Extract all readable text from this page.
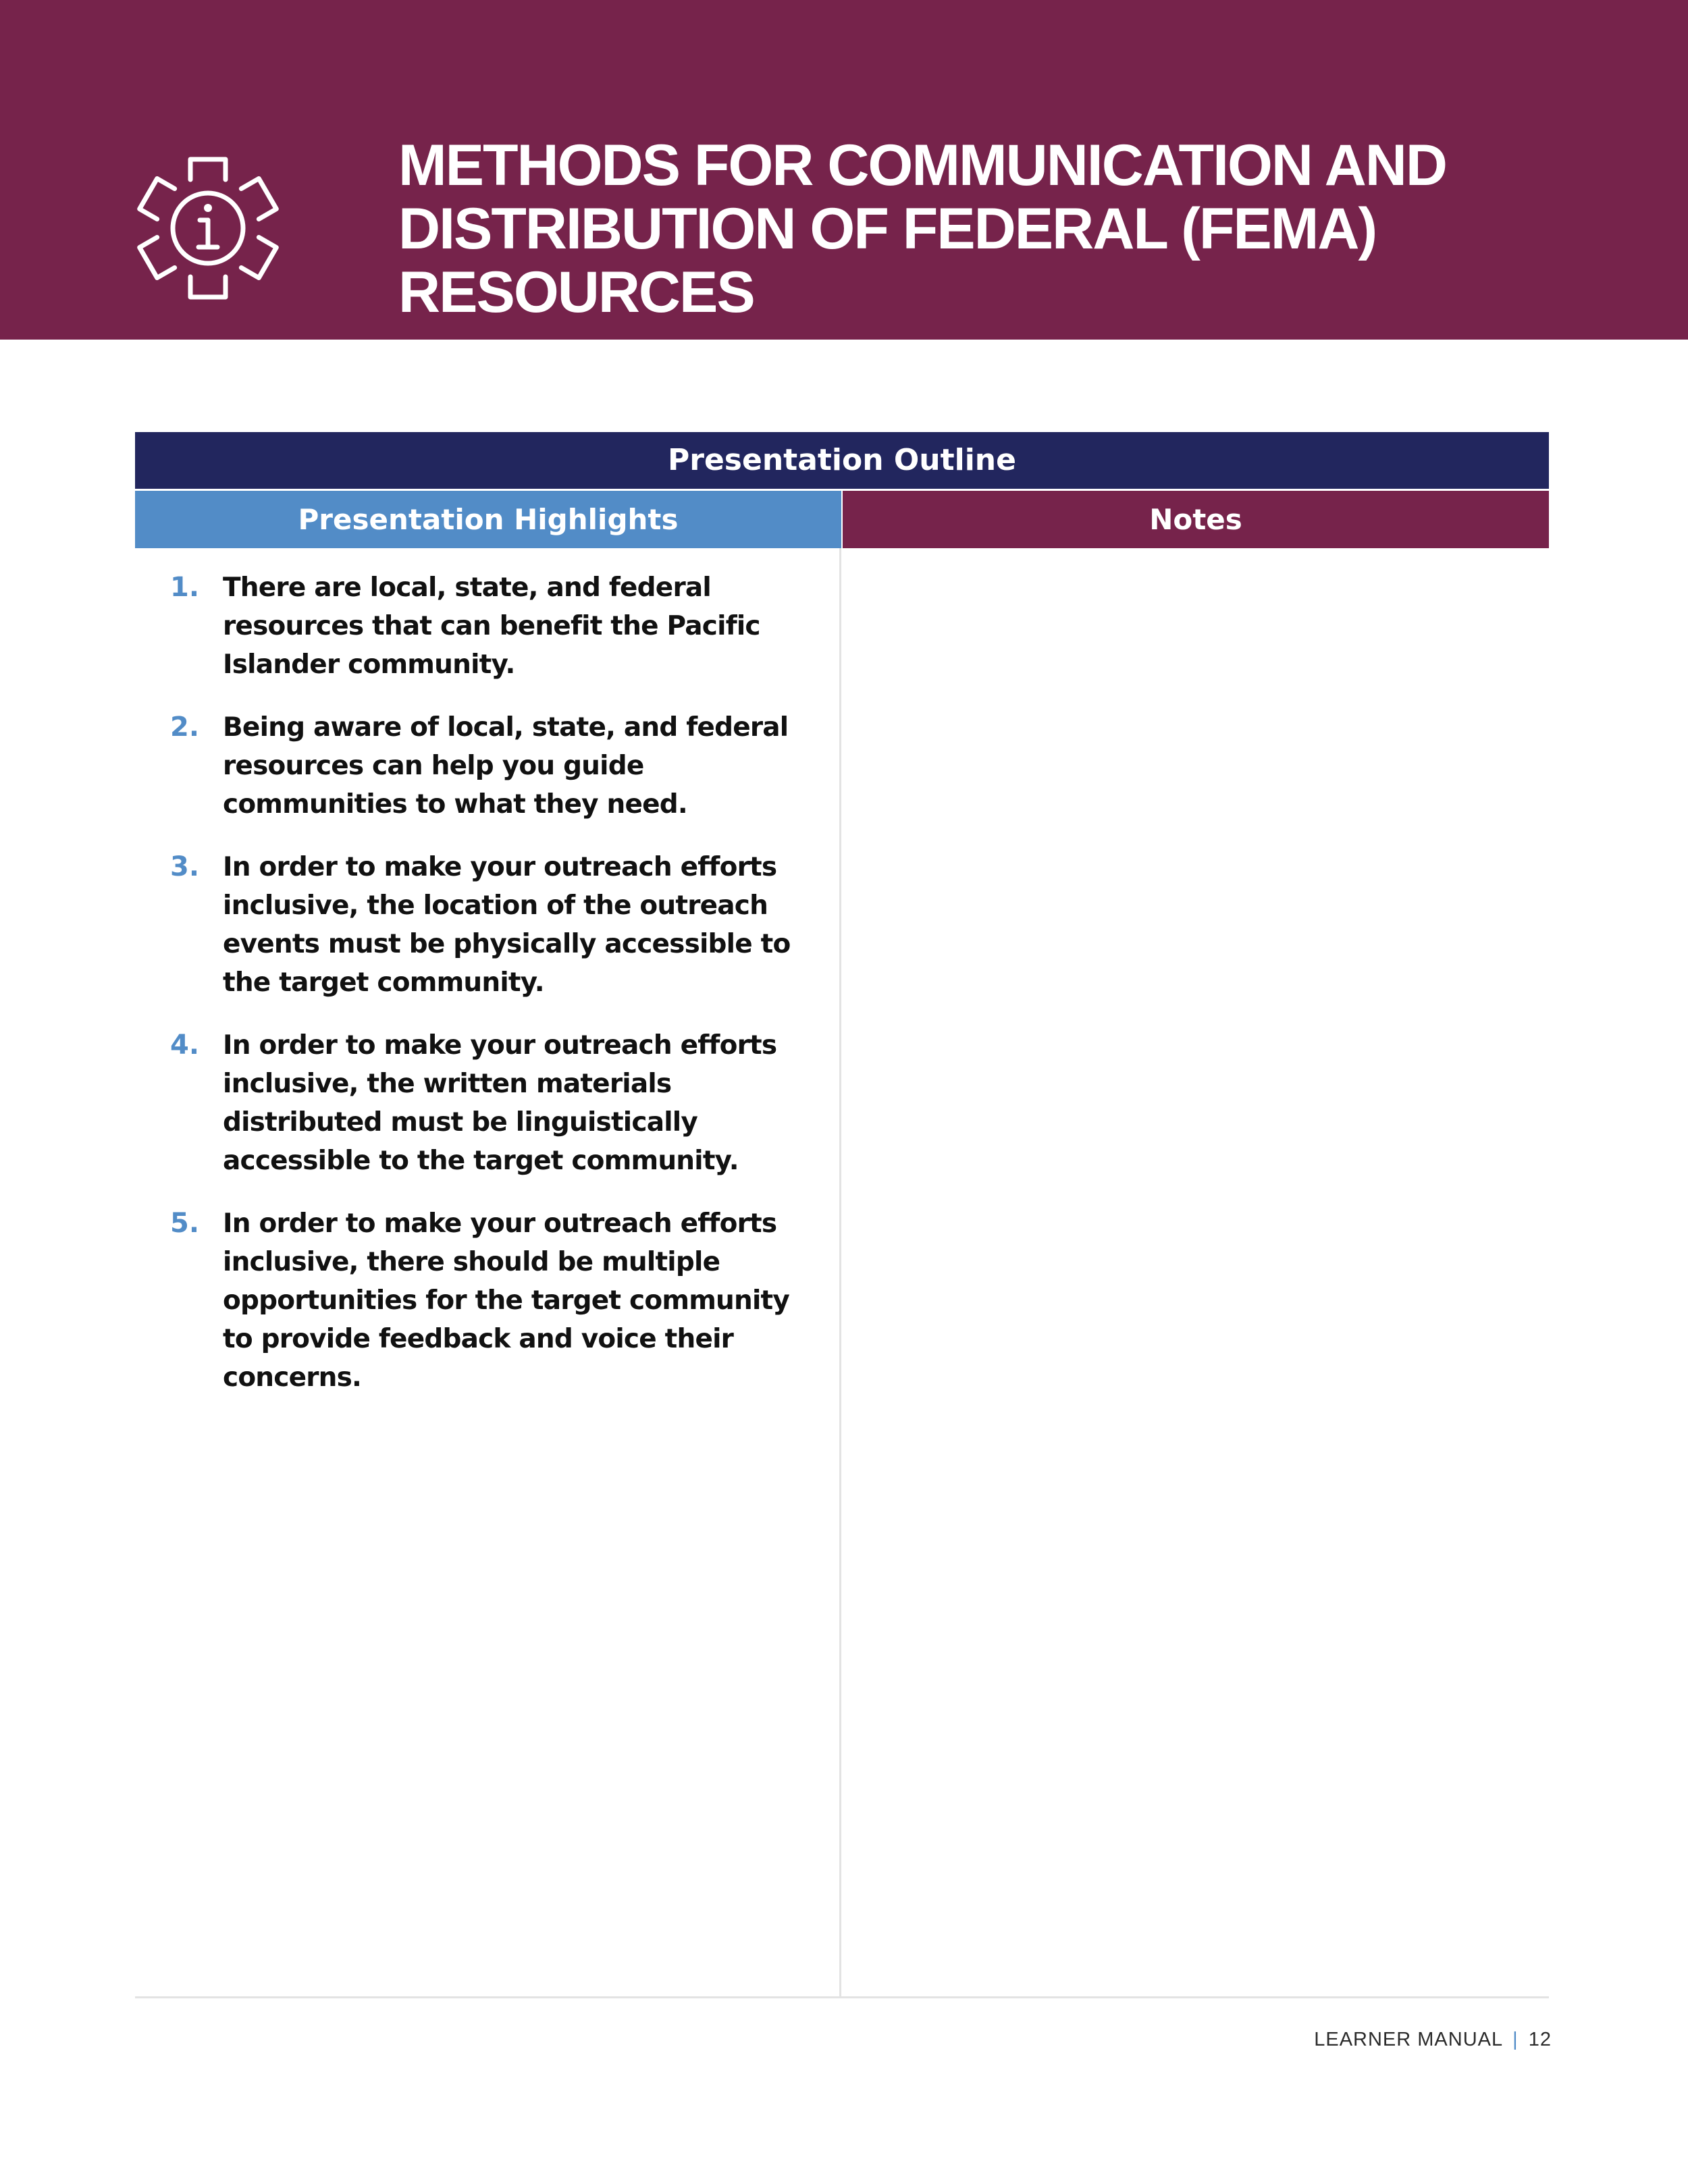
METHODS FOR COMMUNICATION AND DISTRIBUTION OF FEDERAL (FEMA) RESOURCES
Presentation Outline
Presentation Highlights	Notes
1. There are local, state, and federal resources that can benefit the Pacific Islander community.
2. Being aware of local, state, and federal resources can help you guide communities to what they need.
3. In order to make your outreach efforts inclusive, the location of the outreach events must be physically accessible to the target community.
4. In order to make your outreach efforts inclusive, the written materials distributed must be linguistically accessible to the target community.
5. In order to make your outreach efforts inclusive, there should be multiple opportunities for the target community to provide feedback and voice their concerns.
LEARNER MANUAL | 12
